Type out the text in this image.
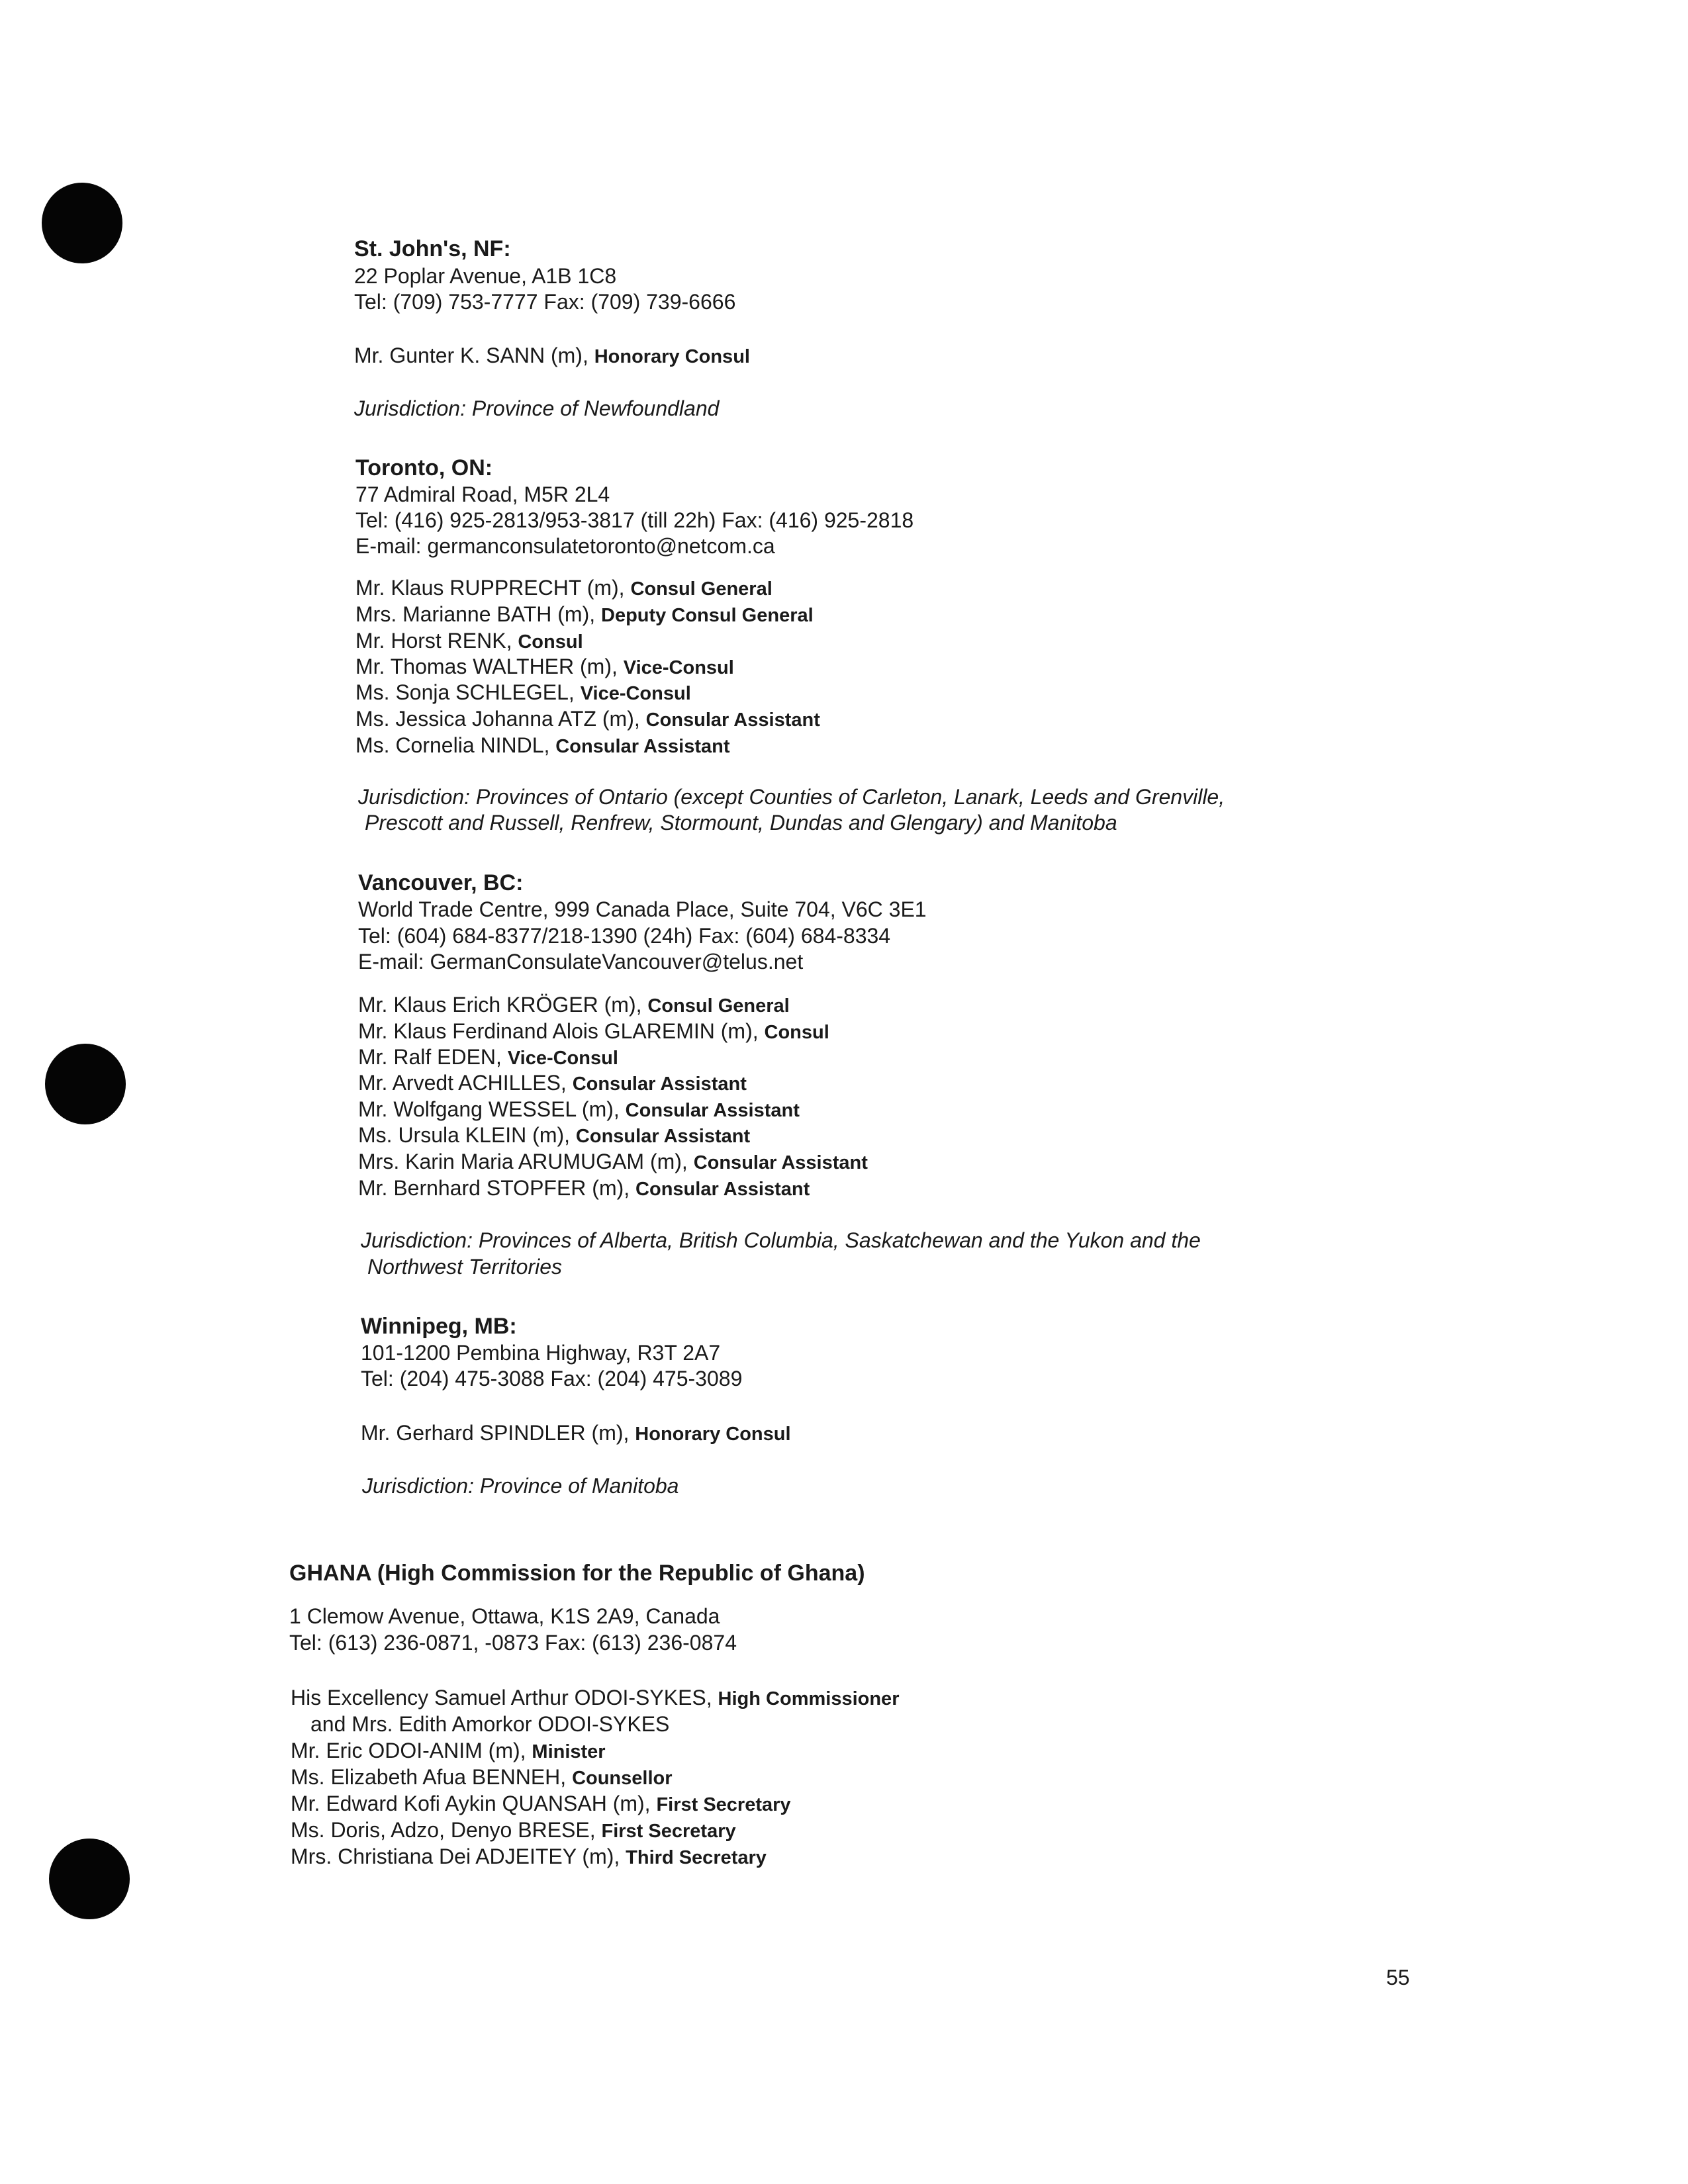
St. John's, NF:
22 Poplar Avenue, A1B 1C8
Tel: (709) 753-7777 Fax: (709) 739-6666
Mr. Gunter K. SANN (m), Honorary Consul
Jurisdiction: Province of Newfoundland
Toronto, ON:
77 Admiral Road, M5R 2L4
Tel: (416) 925-2813/953-3817 (till 22h) Fax: (416) 925-2818
E-mail: germanconsulatetoronto@netcom.ca
Mr. Klaus RUPPRECHT (m), Consul General
Mrs. Marianne BATH (m), Deputy Consul General
Mr. Horst RENK, Consul
Mr. Thomas WALTHER (m), Vice-Consul
Ms. Sonja SCHLEGEL, Vice-Consul
Ms. Jessica Johanna ATZ (m), Consular Assistant
Ms. Cornelia NINDL, Consular Assistant
Jurisdiction: Provinces of Ontario (except Counties of Carleton, Lanark, Leeds and Grenville,
Prescott and Russell, Renfrew, Stormount, Dundas and Glengary) and Manitoba
Vancouver, BC:
World Trade Centre, 999 Canada Place, Suite 704, V6C 3E1
Tel: (604) 684-8377/218-1390 (24h) Fax: (604) 684-8334
E-mail: GermanConsulateVancouver@telus.net
Mr. Klaus Erich KRÖGER (m), Consul General
Mr. Klaus Ferdinand Alois GLAREMIN (m), Consul
Mr. Ralf EDEN, Vice-Consul
Mr. Arvedt ACHILLES, Consular Assistant
Mr. Wolfgang WESSEL (m), Consular Assistant
Ms. Ursula KLEIN (m), Consular Assistant
Mrs. Karin Maria ARUMUGAM (m), Consular Assistant
Mr. Bernhard STOPFER (m), Consular Assistant
Jurisdiction: Provinces of Alberta, British Columbia, Saskatchewan and the Yukon and the
Northwest Territories
Winnipeg, MB:
101-1200 Pembina Highway, R3T 2A7
Tel: (204) 475-3088 Fax: (204) 475-3089
Mr. Gerhard SPINDLER (m), Honorary Consul
Jurisdiction: Province of Manitoba
GHANA (High Commission for the Republic of Ghana)
1 Clemow Avenue, Ottawa, K1S 2A9, Canada
Tel: (613) 236-0871, -0873 Fax: (613) 236-0874
His Excellency Samuel Arthur ODOI-SYKES, High Commissioner
and Mrs. Edith Amorkor ODOI-SYKES
Mr. Eric ODOI-ANIM (m), Minister
Ms. Elizabeth Afua BENNEH, Counsellor
Mr. Edward Kofi Aykin QUANSAH (m), First Secretary
Ms. Doris, Adzo, Denyo BRESE, First Secretary
Mrs. Christiana Dei ADJEITEY (m), Third Secretary
55
